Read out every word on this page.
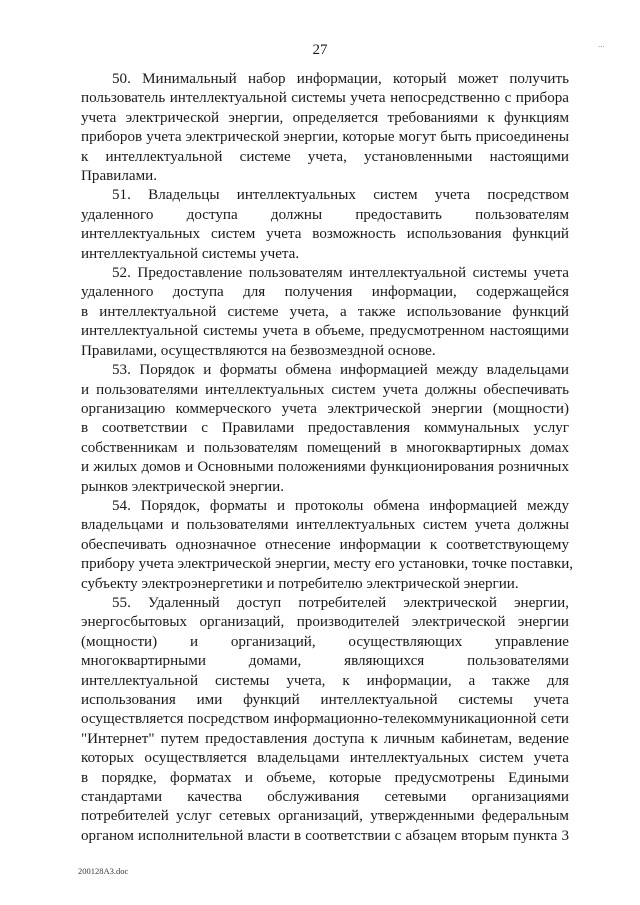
27	...
50. Минимальный набор информации, который может получить
пользователь интеллектуальной системы учета непосредственно с прибора
учета электрической энергии, определяется требованиями к функциям
приборов учета электрической энергии, которые могут быть присоединены
к интеллектуальной системе учета, установленными настоящими
Правилами.
51. Владельцы интеллектуальных систем учета посредством
удаленного доступа должны предоставить пользователям
интеллектуальных систем учета возможность использования функций
интеллектуальной системы учета.
52. Предоставление пользователям интеллектуальной системы учета
удаленного доступа для получения информации, содержащейся
в интеллектуальной системе учета, а также использование функций
интеллектуальной системы учета в объеме, предусмотренном настоящими
Правилами, осуществляются на безвозмездной основе.
53. Порядок и форматы обмена информацией между владельцами
и пользователями интеллектуальных систем учета должны обеспечивать
организацию коммерческого учета электрической энергии (мощности)
в соответствии с Правилами предоставления коммунальных услуг
собственникам и пользователям помещений в многоквартирных домах
и жилых домов и Основными положениями функционирования розничных
рынков электрической энергии.
54. Порядок, форматы и протоколы обмена информацией между
владельцами и пользователями интеллектуальных систем учета должны
обеспечивать однозначное отнесение информации к соответствующему
прибору учета электрической энергии, месту его установки, точке поставки,
субъекту электроэнергетики и потребителю электрической энергии.
55. Удаленный доступ потребителей электрической энергии,
энергосбытовых организаций, производителей электрической энергии
(мощности) и организаций, осуществляющих управление
многоквартирными домами, являющихся пользователями
интеллектуальной системы учета, к информации, а также для
использования ими функций интеллектуальной системы учета
осуществляется посредством информационно-телекоммуникационной сети
"Интернет" путем предоставления доступа к личным кабинетам, ведение
которых осуществляется владельцами интеллектуальных систем учета
в порядке, форматах и объеме, которые предусмотрены Едиными
стандартами качества обслуживания сетевыми организациями
потребителей услуг сетевых организаций, утвержденными федеральным
органом исполнительной власти в соответствии с абзацем вторым пункта 3
200128A3.doc
